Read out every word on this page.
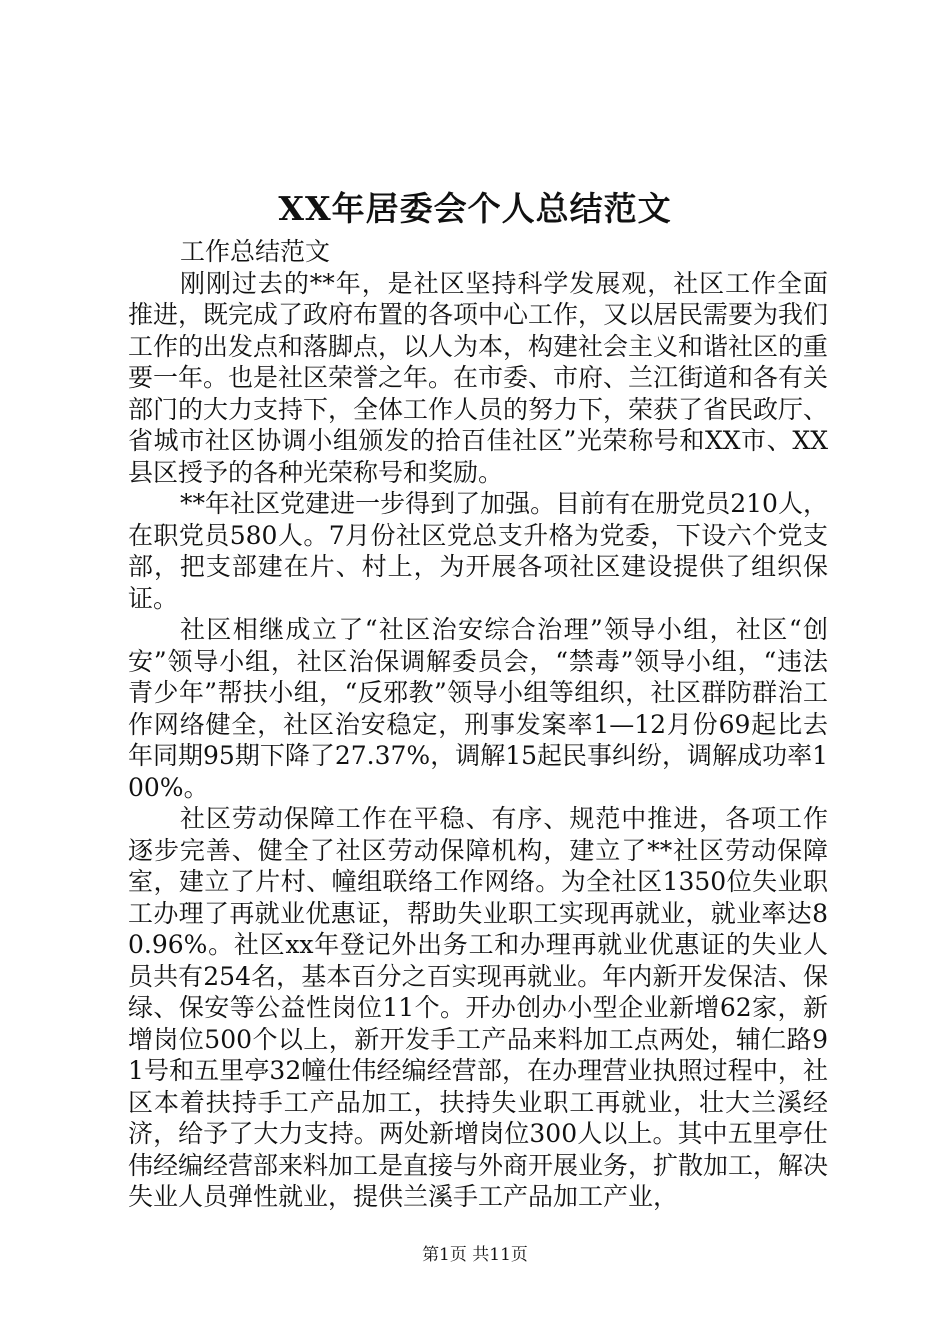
XX年居委会个人总结范文

工作总结范文

刚刚过去的**年，是社区坚持科学发展观，社区工作全面推进，既完成了政府布置的各项中心工作，又以居民需要为我们工作的出发点和落脚点，以人为本，构建社会主义和谐社区的重要一年。也是社区荣誉之年。在市委、市府、兰江街道和各有关部门的大力支持下，全体工作人员的努力下，荣获了省民政厅、省城市社区协调小组颁发的拾百佳社区”光荣称号和XX市、XX县区授予的各种光荣称号和奖励。

**年社区党建进一步得到了加强。目前有在册党员210人，在职党员580人。7月份社区党总支升格为党委，下设六个党支部，把支部建在片、村上，为开展各项社区建设提供了组织保证。

社区相继成立了“社区治安综合治理”领导小组，社区“创安”领导小组，社区治保调解委员会，“禁毒”领导小组，“违法青少年”帮扶小组，“反邪教”领导小组等组织，社区群防群治工作网络健全，社区治安稳定，刑事发案率1—12月份69起比去年同期95期下降了27.37%，调解15起民事纠纷，调解成功率100%。

社区劳动保障工作在平稳、有序、规范中推进，各项工作逐步完善、健全了社区劳动保障机构，建立了**社区劳动保障室，建立了片村、幢组联络工作网络。为全社区1350位失业职工办理了再就业优惠证，帮助失业职工实现再就业，就业率达80.96%。社区xx年登记外出务工和办理再就业优惠证的失业人员共有254名，基本百分之百实现再就业。年内新开发保洁、保绿、保安等公益性岗位11个。开办创办小型企业新增62家，新增岗位500个以上，新开发手工产品来料加工点两处，辅仁路91号和五里亭32幢仕伟经编经营部，在办理营业执照过程中，社区本着扶持手工产品加工，扶持失业职工再就业，壮大兰溪经济，给予了大力支持。两处新增岗位300人以上。其中五里亭仕伟经编经营部来料加工是直接与外商开展业务，扩散加工，解决失业人员弹性就业，提供兰溪手工产品加工产业，

第1页 共11页
